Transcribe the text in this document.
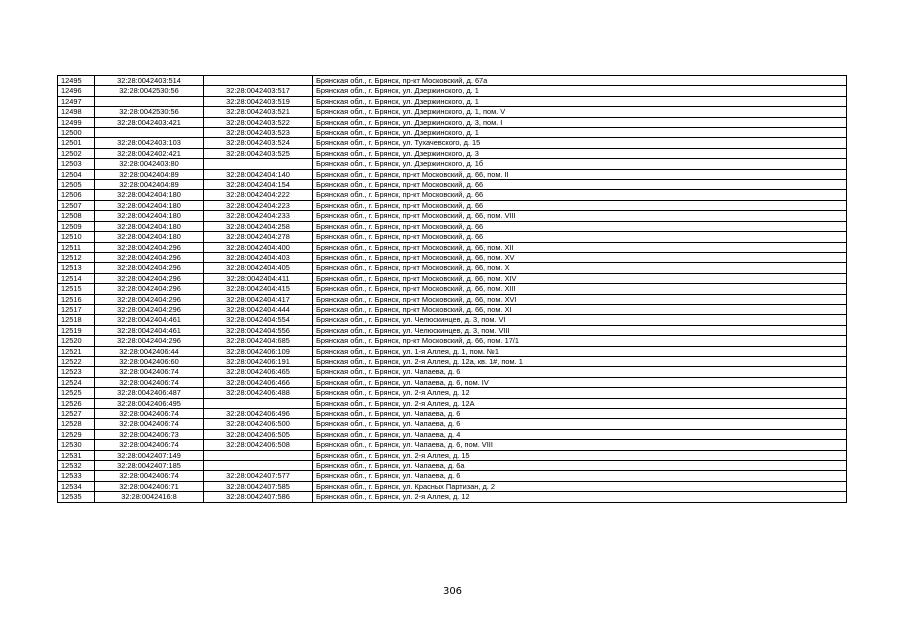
12495	32:28:0042403:514		Брянская обл., г. Брянск, пр-кт Московский, д. 67а
12496	32:28:0042530:56	32:28:0042403:517	Брянская обл., г. Брянск, ул. Дзержинского, д. 1
12497		32:28:0042403:519	Брянская обл., г. Брянск, ул. Дзержинского, д. 1
12498	32:28:0042530:56	32:28:0042403:521	Брянская обл., г. Брянск, ул. Дзержинского, д. 1, пом. V
12499	32:28:0042403:421	32:28:0042403:522	Брянская обл., г. Брянск, ул. Дзержинского, д. 3, пом. I
12500		32:28:0042403:523	Брянская обл., г. Брянск, ул. Дзержинского, д. 1
12501	32:28:0042403:103	32:28:0042403:524	Брянская обл., г. Брянск, ул. Тухачевского, д. 15
12502	32:28:0042402:421	32:28:0042403:525	Брянская обл., г. Брянск, ул. Дзержинского, д. 3
12503	32:28:0042403:80		Брянская обл., г. Брянск, ул. Дзержинского, д. 1б
12504	32:28:0042404:89	32:28:0042404:140	Брянская обл., г. Брянск, пр-кт Московский, д. 66, пом. II
12505	32:28:0042404:89	32:28:0042404:154	Брянская обл., г. Брянск, пр-кт Московский, д. 66
12506	32:28:0042404:180	32:28:0042404:222	Брянская обл., г. Брянск, пр-кт Московский, д. 66
12507	32:28:0042404:180	32:28:0042404:223	Брянская обл., г. Брянск, пр-кт Московский, д. 66
12508	32:28:0042404:180	32:28:0042404:233	Брянская обл., г. Брянск, пр-кт Московский, д. 66, пом. VIII
12509	32:28:0042404:180	32:28:0042404:258	Брянская обл., г. Брянск, пр-кт Московский, д. 66
12510	32:28:0042404:180	32:28:0042404:278	Брянская обл., г. Брянск, пр-кт Московский, д. 66
12511	32:28:0042404:296	32:28:0042404:400	Брянская обл., г. Брянск, пр-кт Московский, д. 66, пом. XII
12512	32:28:0042404:296	32:28:0042404:403	Брянская обл., г. Брянск, пр-кт Московский, д. 66, пом. XV
12513	32:28:0042404:296	32:28:0042404:405	Брянская обл., г. Брянск, пр-кт Московский, д. 66, пом. X
12514	32:28:0042404:296	32:28:0042404:411	Брянская обл., г. Брянск, пр-кт Московский, д. 66, пом. XIV
12515	32:28:0042404:296	32:28:0042404:415	Брянская обл., г. Брянск, пр-кт Московский, д. 66, пом. XIII
12516	32:28:0042404:296	32:28:0042404:417	Брянская обл., г. Брянск, пр-кт Московский, д. 66, пом. XVI
12517	32:28:0042404:296	32:28:0042404:444	Брянская обл., г. Брянск, пр-кт Московский, д. 66, пом. XI
12518	32:28:0042404:461	32:28:0042404:554	Брянская обл., г. Брянск, ул. Челюскинцев, д. 3, пом. VI
12519	32:28:0042404:461	32:28:0042404:556	Брянская обл., г. Брянск, ул. Челюскинцев, д. 3, пом. VIII
12520	32:28:0042404:296	32:28:0042404:685	Брянская обл., г. Брянск, пр-кт Московский, д. 66, пом. 17/1
12521	32:28:0042406:44	32:28:0042406:109	Брянская обл., г. Брянск, ул. 1-я Аллея, д. 1, пом. №1
12522	32:28:0042406:60	32:28:0042406:191	Брянская обл., г. Брянск, ул. 2-я Аллея, д. 12а, кв. 1#, пом. 1
12523	32:28:0042406:74	32:28:0042406:465	Брянская обл., г. Брянск, ул. Чапаева, д. 6
12524	32:28:0042406:74	32:28:0042406:466	Брянская обл., г. Брянск, ул. Чапаева, д. 6, пом. IV
12525	32:28:0042406:487	32:28:0042406:488	Брянская обл., г. Брянск, ул. 2-я Аллея, д. 12
12526	32:28:0042406:495		Брянская обл., г. Брянск, ул. 2-я Аллея, д. 12А
12527	32:28:0042406:74	32:28:0042406:496	Брянская обл., г. Брянск, ул. Чапаева, д. 6
12528	32:28:0042406:74	32:28:0042406:500	Брянская обл., г. Брянск, ул. Чапаева, д. 6
12529	32:28:0042406:73	32:28:0042406:505	Брянская обл., г. Брянск, ул. Чапаева, д. 4
12530	32:28:0042406:74	32:28:0042406:508	Брянская обл., г. Брянск, ул. Чапаева, д. 6, пом. VIII
12531	32:28:0042407:149		Брянская обл., г. Брянск, ул. 2-я Аллея, д. 15
12532	32:28:0042407:185		Брянская обл., г. Брянск, ул. Чапаева, д. 6а
12533	32:28:0042406:74	32:28:0042407:577	Брянская обл., г. Брянск, ул. Чапаева, д. 6
12534	32:28:0042406:71	32:28:0042407:585	Брянская обл., г. Брянск, ул. Красных Партизан, д. 2
12535	32:28:0042416:8	32:28:0042407:586	Брянская обл., г. Брянск, ул. 2-я Аллея, д. 12
306
